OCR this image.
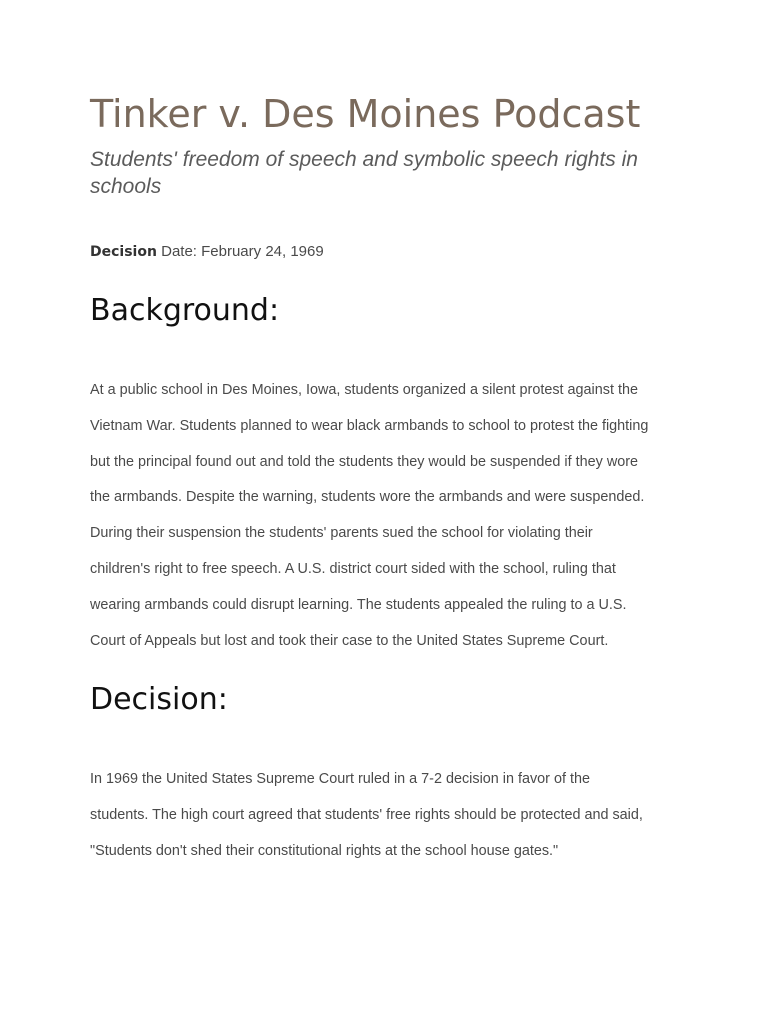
Tinker v. Des Moines Podcast
Students' freedom of speech and symbolic speech rights in schools

Decision Date: February 24, 1969

Background:

At a public school in Des Moines, Iowa, students organized a silent protest against the
Vietnam War. Students planned to wear black armbands to school to protest the fighting
but the principal found out and told the students they would be suspended if they wore
the armbands. Despite the warning, students wore the armbands and were suspended.
During their suspension the students' parents sued the school for violating their
children's right to free speech. A U.S. district court sided with the school, ruling that
wearing armbands could disrupt learning. The students appealed the ruling to a U.S.
Court of Appeals but lost and took their case to the United States Supreme Court.

Decision:

In 1969 the United States Supreme Court ruled in a 7-2 decision in favor of the
students. The high court agreed that students' free rights should be protected and said,
"Students don't shed their constitutional rights at the school house gates."
